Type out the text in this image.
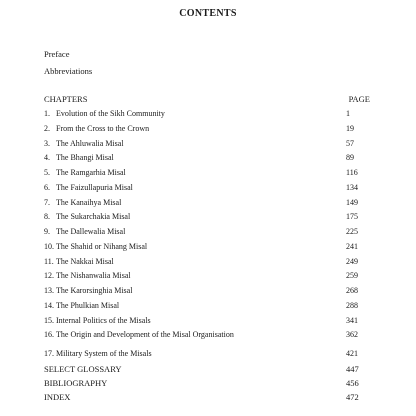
CONTENTS
Preface
Abbreviations
CHAPTERS	PAGE
1. Evolution of the Sikh Community	1
2. From the Cross to the Crown	19
3. The Ahluwalia Misal	57
4. The Bhangi Misal	89
5. The Ramgarhia Misal	116
6. The Faizullapuria Misal	134
7. The Kanaihya Misal	149
8. The Sukarchakia Misal	175
9. The Dallewalia Misal	225
10. The Shahid or Nihang Misal	241
11. The Nakkai Misal	249
12. The Nishanwalia Misal	259
13. The Karorsinghia Misal	268
14. The Phulkian Misal	288
15. Internal Politics of the Misals	341
16. The Origin and Development of the Misal Organisation	362
17. Military System of the Misals	421
SELECT GLOSSARY	447
BIBLIOGRAPHY	456
INDEX	472
